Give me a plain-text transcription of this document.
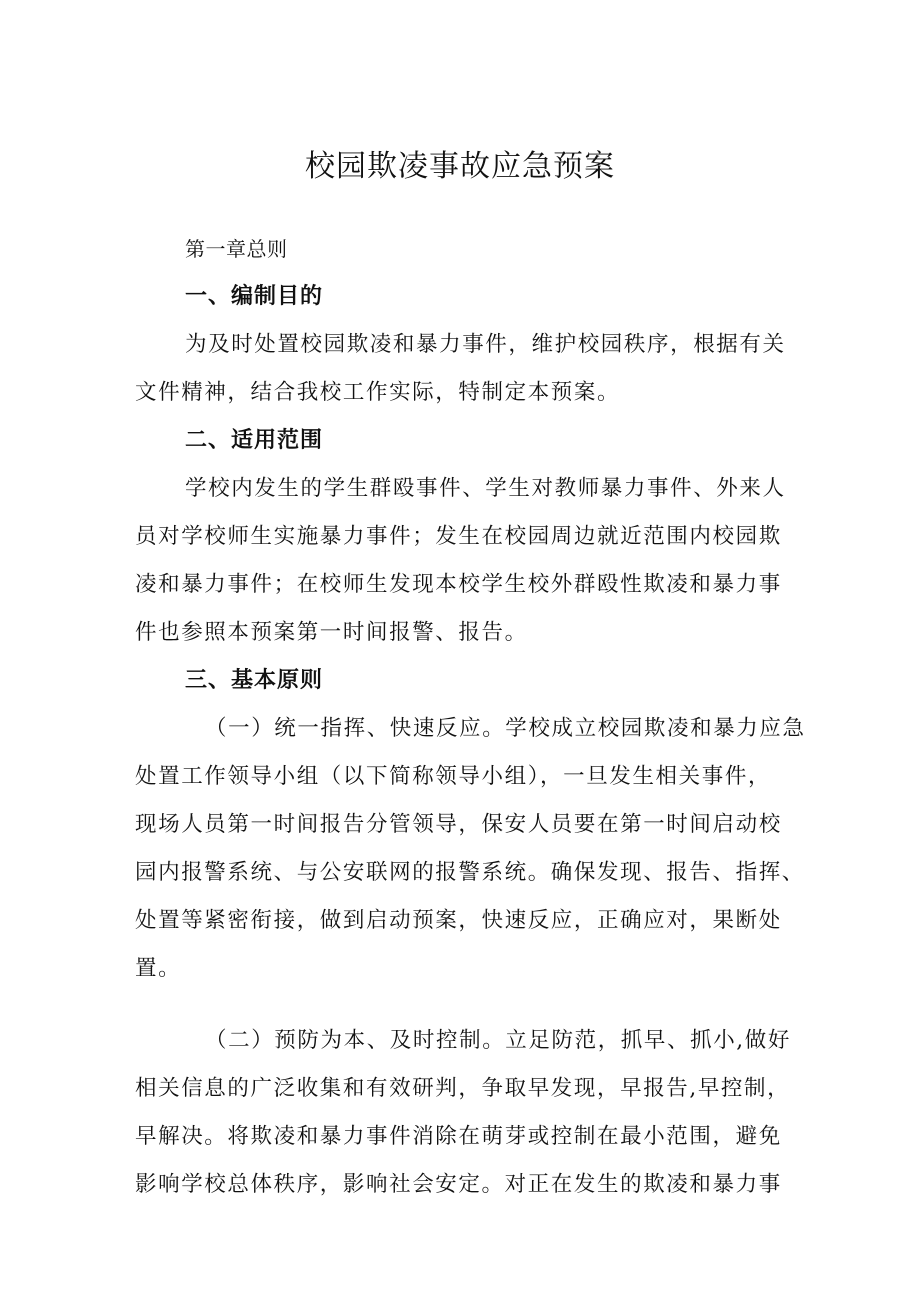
校园欺凌事故应急预案
第一章总则
一、编制目的
为及时处置校园欺凌和暴力事件，维护校园秩序，根据有关
文件精神，结合我校工作实际，特制定本预案。
二、适用范围
学校内发生的学生群殴事件、学生对教师暴力事件、外来人
员对学校师生实施暴力事件；发生在校园周边就近范围内校园欺
凌和暴力事件；在校师生发现本校学生校外群殴性欺凌和暴力事
件也参照本预案第一时间报警、报告。
三、基本原则
（一）统一指挥、快速反应。学校成立校园欺凌和暴力应急
处置工作领导小组（以下简称领导小组），一旦发生相关事件，
现场人员第一时间报告分管领导，保安人员要在第一时间启动校
园内报警系统、与公安联网的报警系统。确保发现、报告、指挥、
处置等紧密衔接，做到启动预案，快速反应，正确应对，果断处
置。
（二）预防为本、及时控制。立足防范，抓早、抓小,做好
相关信息的广泛收集和有效研判，争取早发现，早报告,早控制，
早解决。将欺凌和暴力事件消除在萌芽或控制在最小范围，避免
影响学校总体秩序，影响社会安定。对正在发生的欺凌和暴力事
